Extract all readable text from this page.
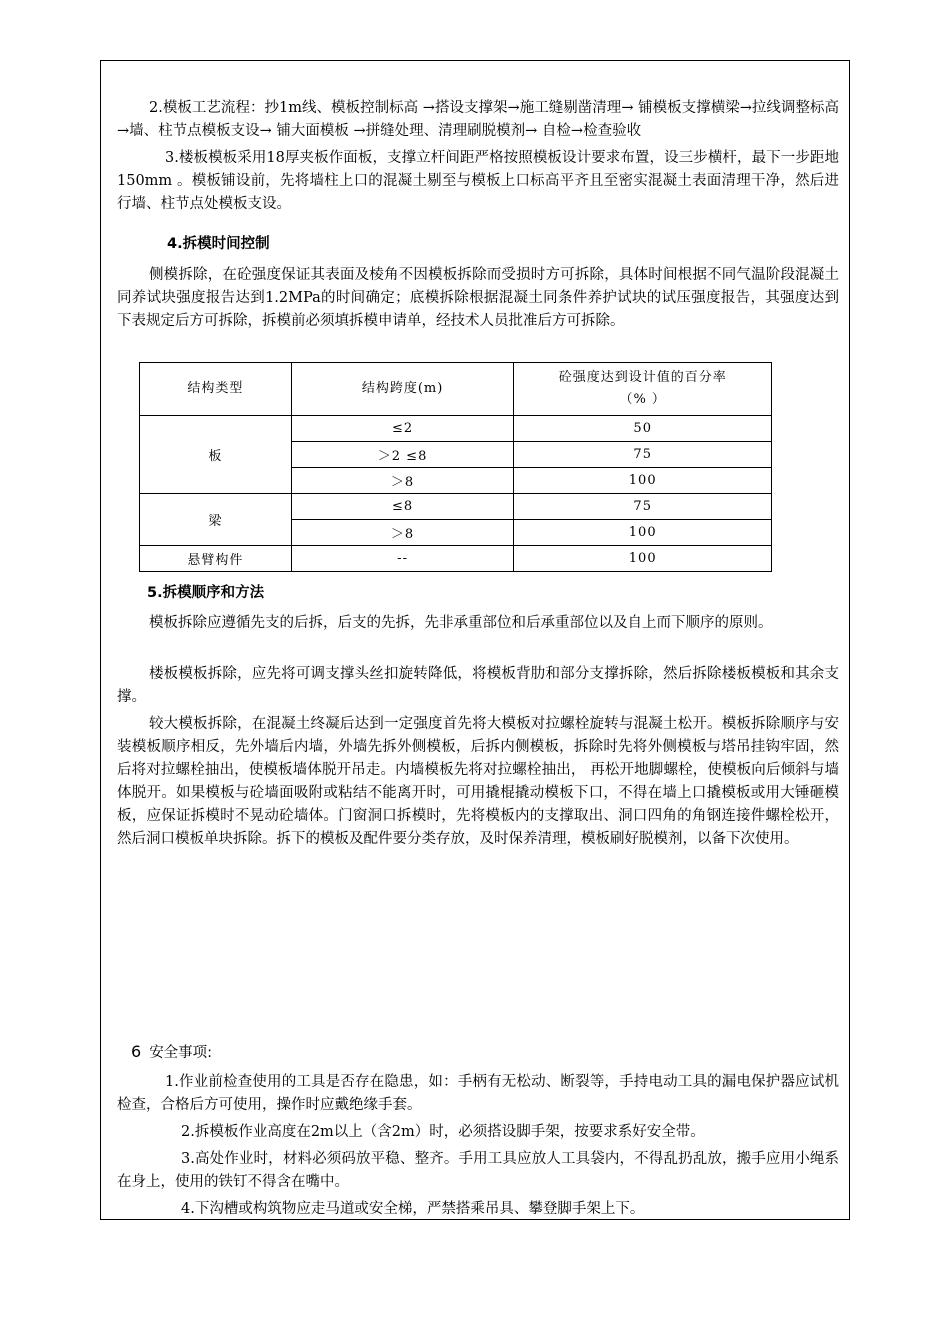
2.模板工艺流程：抄1m线、模板控制标高 →搭设支撑架→施工缝剔凿清理→ 铺模板支撑横梁→拉线调整标高 →墙、柱节点模板支设→ 铺大面模板 →拼缝处理、清理刷脱模剂→ 自检→检查验收
3.楼板模板采用18厚夹板作面板，支撑立杆间距严格按照模板设计要求布置，设三步横杆，最下一步距地150mm 。模板铺设前，先将墙柱上口的混凝土剔至与模板上口标高平齐且至密实混凝土表面清理干净，然后进行墙、柱节点处模板支设。
4.拆模时间控制
侧模拆除，在砼强度保证其表面及棱角不因模板拆除而受损时方可拆除，具体时间根据不同气温阶段混凝土同养试块强度报告达到1.2MPa的时间确定；底模拆除根据混凝土同条件养护试块的试压强度报告，其强度达到下表规定后方可拆除，拆模前必须填拆模申请单，经技术人员批准后方可拆除。
结构类型	结构跨度(m)	砼强度达到设计值的百分率
（% ）

板	≤2	50
	＞2 ≤8	75
	＞8	100
梁	≤8	75
	＞8	100
悬臂构件	--	100
5.拆模顺序和方法
模板拆除应遵循先支的后拆，后支的先拆，先非承重部位和后承重部位以及自上而下顺序的原则。
楼板模板拆除，应先将可调支撑头丝扣旋转降低，将模板背肋和部分支撑拆除，然后拆除楼板模板和其余支撑。
较大模板拆除，在混凝土终凝后达到一定强度首先将大模板对拉螺栓旋转与混凝土松开。模板拆除顺序与安装模板顺序相反，先外墙后内墙，外墙先拆外侧模板，后拆内侧模板，拆除时先将外侧模板与塔吊挂钩牢固，然后将对拉螺栓抽出，使模板墙体脱开吊走。内墙模板先将对拉螺栓抽出， 再松开地脚螺栓，使模板向后倾斜与墙体脱开。如果模板与砼墙面吸附或粘结不能离开时，可用撬棍撬动模板下口，不得在墙上口撬模板或用大锤砸模板，应保证拆模时不晃动砼墙体。门窗洞口拆模时，先将模板内的支撑取出、洞口四角的角钢连接件螺栓松开，然后洞口模板单块拆除。拆下的模板及配件要分类存放，及时保养清理，模板刷好脱模剂，以备下次使用。
6 安全事项:
1.作业前检查使用的工具是否存在隐患，如：手柄有无松动、断裂等，手持电动工具的漏电保护器应试机检查，合格后方可使用，操作时应戴绝缘手套。
2.拆模板作业高度在2m以上（含2m）时，必须搭设脚手架，按要求系好安全带。
3.高处作业时，材料必须码放平稳、整齐。手用工具应放人工具袋内，不得乱扔乱放，搬手应用小绳系在身上，使用的铁钉不得含在嘴中。
4.下沟槽或构筑物应走马道或安全梯，严禁搭乘吊具、攀登脚手架上下。
